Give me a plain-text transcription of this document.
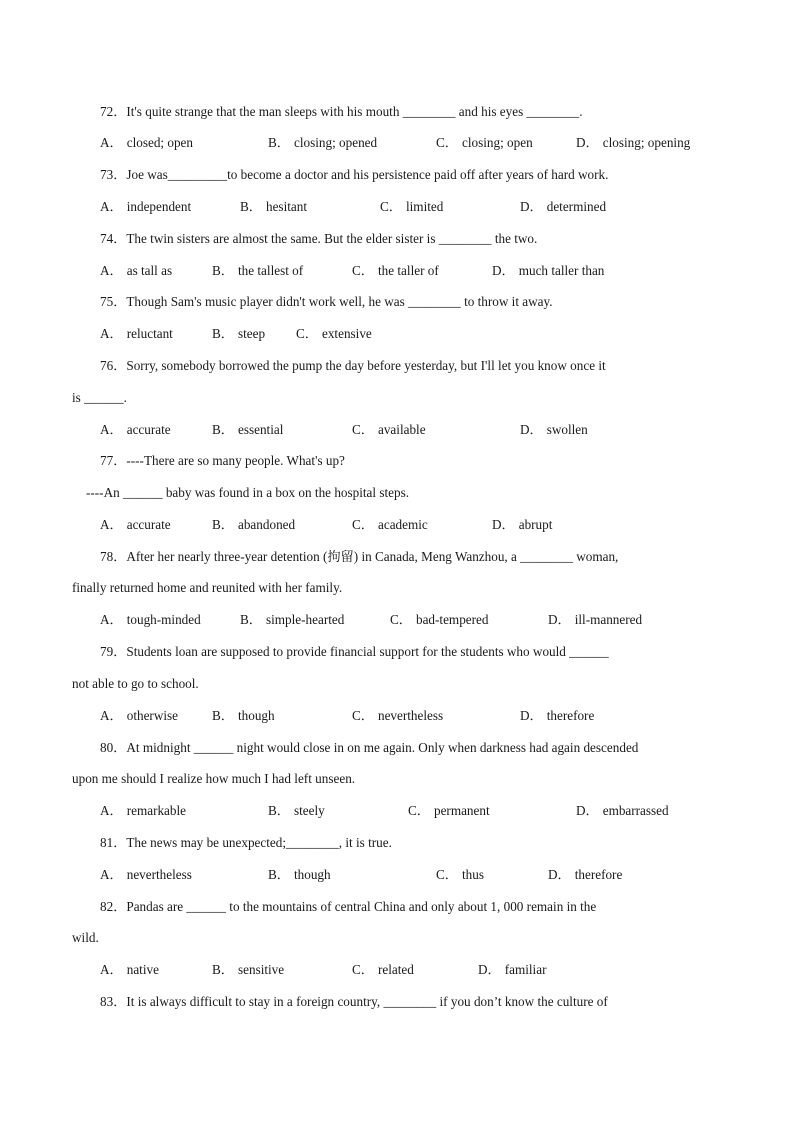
72．It's quite strange that the man sleeps with his mouth ________ and his eyes ________.
A． closed; open	B． closing; opened	C． closing; open	D． closing; opening
73．Joe was_________to become a doctor and his persistence paid off after years of hard work.
A． independent	B． hesitant	C． limited	D． determined
74．The twin sisters are almost the same. But the elder sister is ________ the two.
A． as tall as	B． the tallest of	C． the taller of	D． much taller than
75．Though Sam's music player didn't work well, he was ________ to throw it away.
A． reluctant	B． steep C． extensive
76．Sorry, somebody borrowed the pump the day before yesterday, but I'll let you know once it
is ______.
A． accurate	B． essential	C． available	D． swollen
77．----There are so many people. What's up?
----An ______ baby was found in a box on the hospital steps.
A． accurate	B． abandoned	C． academic	D． abrupt
78．After her nearly three-year detention (拘留) in Canada, Meng Wanzhou, a ________ woman,
finally returned home and reunited with her family.
A． tough-minded	B． simple-hearted	C． bad-tempered	D． ill-mannered
79．Students loan are supposed to provide financial support for the students who would ______
not able to go to school.
A． otherwise	B． though	C． nevertheless	D． therefore
80．At midnight ______ night would close in on me again. Only when darkness had again descended
upon me should I realize how much I had left unseen.
A． remarkable	B． steely	C． permanent	D． embarrassed
81．The news may be unexpected;________, it is true.
A． nevertheless	B． though	C． thus	D． therefore
82．Pandas are ______ to the mountains of central China and only about 1, 000 remain in the
wild.
A． native	B． sensitive	C． related	D． familiar
83．It is always difficult to stay in a foreign country, ________ if you don’t know the culture of
